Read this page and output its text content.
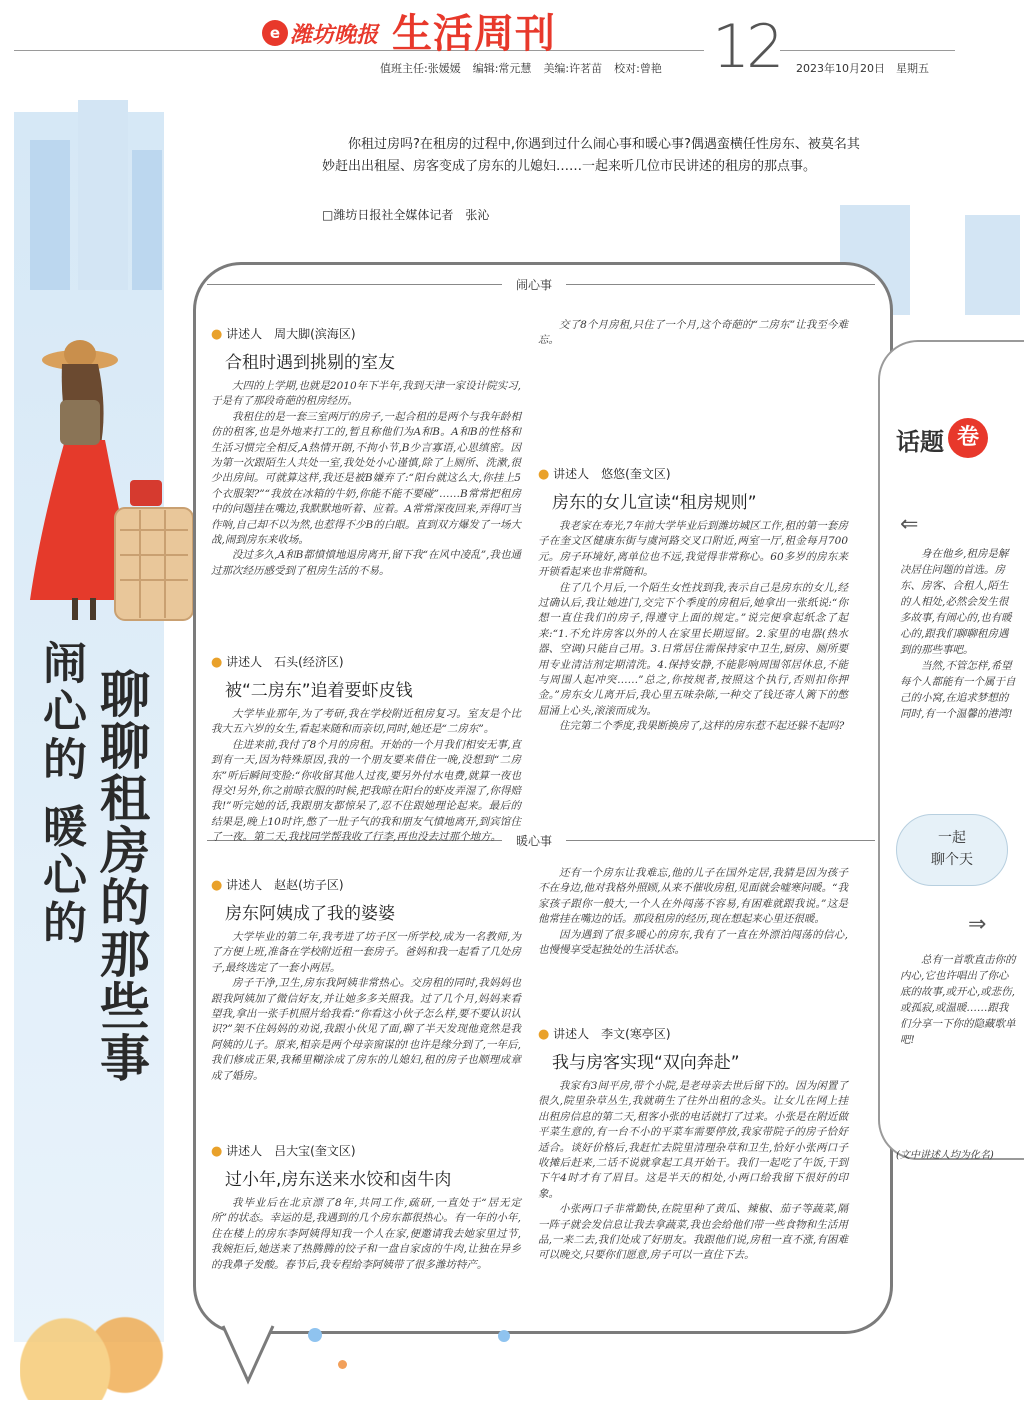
e 潍坊晚报 生活周刊	12
值班主任:张媛媛 编辑:常元慧 美编:许茗苗 校对:曾艳	2023年10月20日　 星期五

你租过房吗?在租房的过程中,你遇到过什么闹心事和暖心事?偶遇蛮横任性房东、被莫名其妙赶出出租屋、房客变成了房东的儿媳妇……一起来听几位市民讲述的租房的那点事。

□潍坊日报社全媒体记者　张沁

闹心的 暖心的 聊聊租房的那些事
闹心事
暖心事
● 讲述人　周大脚(滨海区)
合租时遇到挑剔的室友

大四的上学期,也就是2010年下半年,我到天津一家设计院实习,于是有了那段奇葩的租房经历。

我租住的是一套三室两厅的房子,一起合租的是两个与我年龄相仿的租客,也是外地来打工的,暂且称他们为A和B。A和B的性格和生活习惯完全相反,A热情开朗,不拘小节,B少言寡语,心思缜密。因为第一次跟陌生人共处一室,我处处小心谨慎,除了上厕所、洗漱,很少出房间。可就算这样,我还是被B嫌弃了:“阳台就这么大,你挂上5个衣服架?”“我放在冰箱的牛奶,你能不能不要碰”……B常常把租房中的问题挂在嘴边,我默默地听着、应着。A常常深夜回来,弄得叮当作响,自己却不以为然,也惹得不少B的白眼。直到双方爆发了一场大战,闹到房东来收场。

没过多久,A和B都憤憤地退房离开,留下我“在风中凌乱”,我也通过那次经历感受到了租房生活的不易。

● 讲述人　石头(经济区)
被“二房东”追着要虾皮钱

大学毕业那年,为了考研,我在学校附近租房复习。室友是个比我大五六岁的女生,看起来随和而亲切,同时,她还是“二房东”。

住进来前,我付了8个月的房租。开始的一个月我们相安无事,直到有一天,因为特殊原因,我的一个朋友要来借住一晚,没想到“二房东”听后瞬间变脸:“你收留其他人过夜,要另外付水电费,就算一夜也得交!另外,你之前晾衣服的时候,把我晾在阳台的虾皮弄湿了,你得赔我!”听完她的话,我跟朋友都惊呆了,忍不住跟她理论起来。最后的结果是,晚上10时许,憋了一肚子气的我和朋友气憤地离开,到宾馆住了一夜。第二天,我找同学帮我收了行李,再也没去过那个地方。

交了8个月房租,只住了一个月,这个奇葩的“二房东”让我至今难忘。

● 讲述人　悠悠(奎文区)
房东的女儿宣读“租房规则”

我老家在寿光,7年前大学毕业后到潍坊城区工作,租的第一套房子在奎文区健康东街与虞河路交叉口附近,两室一厅,租金每月700元。房子环境好,离单位也不远,我觉得非常称心。60多岁的房东来开锁看起来也非常随和。

住了几个月后,一个陌生女性找到我,表示自己是房东的女儿,经过确认后,我让她进门,交完下个季度的房租后,她拿出一张纸说:“你想一直住我们的房子,得遵守上面的规定。”说完便拿起纸念了起来:“1.不允许房客以外的人在家里长期逗留。2.家里的电器(热水器、空调)只能自己用。3.日常居住需保持家中卫生,厨房、厕所要用专业清洁剂定期清洗。4.保持安静,不能影响周围邻居休息,不能与周围人起冲突……”总之,你按规者,按照这个执行,否则扣你押金。”房东女儿离开后,我心里五味杂陈,一种交了钱还寄人篱下的憋屈涌上心头,滚滚而成为。

住完第二个季度,我果断换房了,这样的房东惹不起还躲不起吗?

● 讲述人　赵赵(坊子区)
房东阿姨成了我的婆婆

大学毕业的第二年,我考进了坊子区一所学校,成为一名教师,为了方便上班,准备在学校附近租一套房子。爸妈和我一起看了几处房子,最终选定了一套小两居。

房子干净,卫生,房东我阿姨非常热心。交房租的同时,我妈妈也跟我阿姨加了微信好友,并让她多多关照我。过了几个月,妈妈来看望我,拿出一张手机照片给我看:“你看这小伙子怎么样,要不要认识认识?”架不住妈妈的劝说,我跟小伙见了面,聊了半天发现他竟然是我阿姨的儿子。原来,相亲是两个母亲窗谋的!也许是缘分到了,一年后,我们修成正果,我稀里糊涂成了房东的儿媳妇,租的房子也顺理成章成了婚房。

● 讲述人　吕大宝(奎文区)
过小年,房东送来水饺和卤牛肉

我毕业后在北京漂了8年,共同工作,疏研,一直处于“居无定所”的状态。幸运的是,我遇到的几个房东都很热心。有一年的小年,住在楼上的房东李阿姨得知我一个人在家,便邀请我去她家里过节,我婉拒后,她送来了热腾腾的饺子和一盘自家卤的牛肉,让独在异乡的我鼻子发酸。春节后,我专程给李阿姨带了很多潍坊特产。

还有一个房东让我难忘,他的儿子在国外定居,我猜是因为孩子不在身边,他对我格外照顾,从来不催收房租,见面就会嘘寒问暖。“我家孩子跟你一般大,一个人在外闯荡不容易,有困难就跟我说。”这是他常挂在嘴边的话。那段租房的经历,现在想起来心里还很暖。

因为遇到了很多暖心的房东,我有了一直在外漂泊闯荡的信心,也慢慢享受起独处的生活状态。

● 讲述人　李文(寒亭区)
我与房客实现“双向奔赴”

我家有3间平房,带个小院,是老母亲去世后留下的。因为闲置了很久,院里杂草丛生,我就萌生了往外出租的念头。让女儿在网上挂出租房信息的第二天,租客小张的电话就打了过来。小张是在附近做平菜生意的,有一台不小的平菜车需要停放,我家带院子的房子恰好适合。谈好价格后,我赶忙去院里清理杂草和卫生,恰好小张两口子收摊后赶来,二话不说就拿起工具开始干。我们一起吃了午饭,干到下午4时才有了眉目。这是半天的相处,小两口给我留下很好的印象。

小张两口子非常勤快,在院里种了黄瓜、辣椒、茄子等蔬菜,隔一阵子就会发信息让我去拿蔬菜,我也会给他们带一些食物和生活用品,一来二去,我们处成了好朋友。我跟他们说,房租一直不涨,有困难可以晚交,只要你们愿意,房子可以一直住下去。

话题 卷
⇐

身在他乡,租房是解决居住问题的首选。房东、房客、合租人,陌生的人相处,必然会发生很多故事,有闹心的,也有暖心的,跟我们聊聊租房遇到的那些事吧。

当然,不管怎样,希望每个人都能有一个属于自己的小窝,在追求梦想的同时,有一个温馨的港湾!

一起
聊个天
⇒

总有一首歌直击你的内心,它也许唱出了你心底的故事,或开心,或悲伤,或孤寂,或温暖……跟我们分享一下你的隐藏歌单吧!

(文中讲述人均为化名)
